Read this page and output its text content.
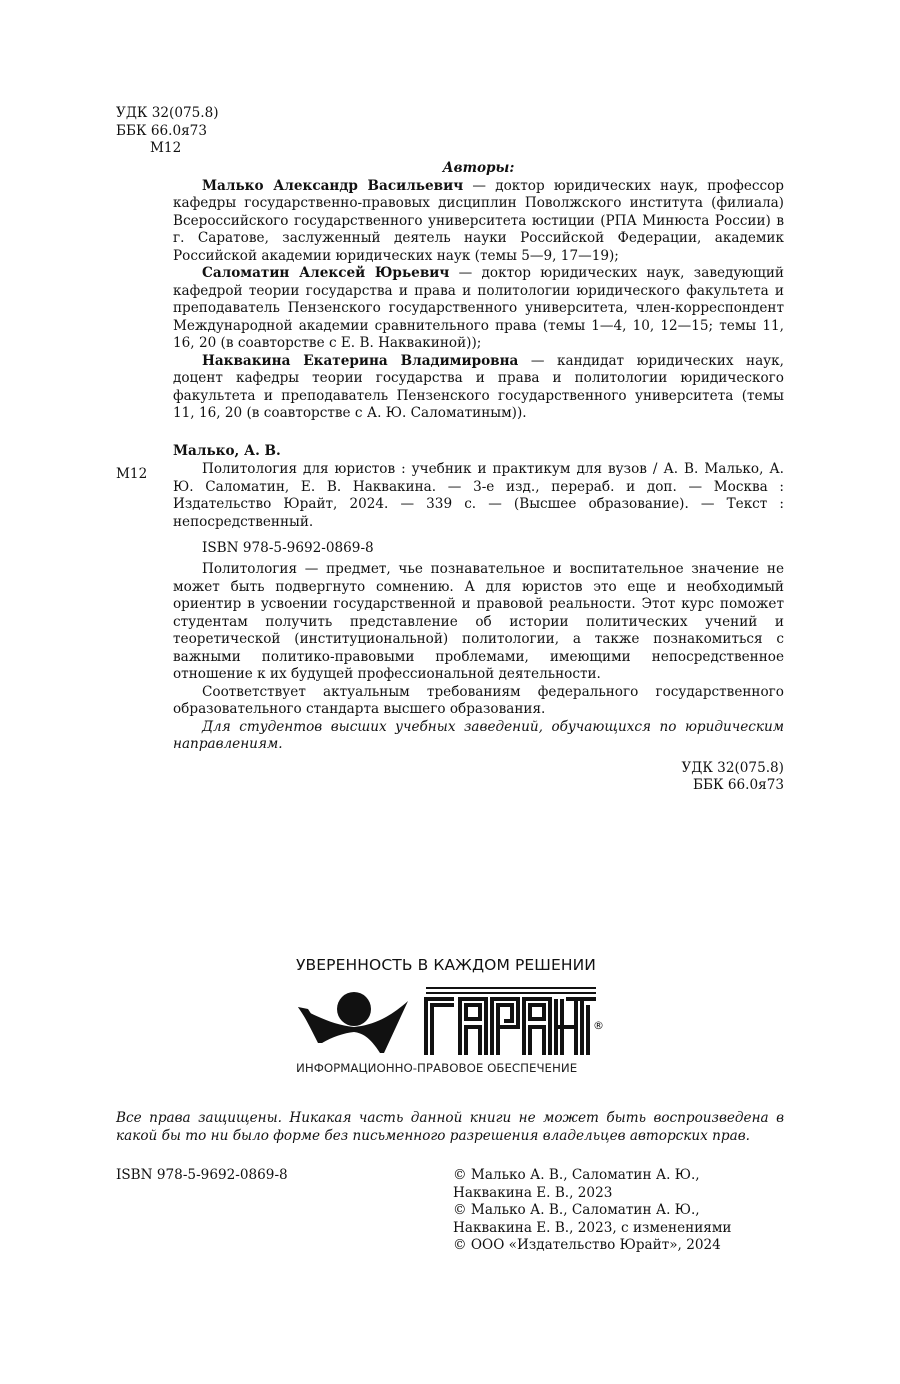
УДК 32(075.8)
ББК 66.0я73
М12
Авторы:

Малько Александр Васильевич — доктор юридических наук, профессор кафедры государственно-правовых дисциплин Поволжского института (филиала) Всероссийского государственного университета юстиции (РПА Минюста России) в г. Саратове, заслуженный деятель науки Российской Федерации, академик Российской академии юридических наук (темы 5—9, 17—19);

Саломатин Алексей Юрьевич — доктор юридических наук, заведующий кафедрой теории государства и права и политологии юридического факультета и преподаватель Пензенского государственного университета, член-корреспондент Международной академии сравнительного права (темы 1—4, 10, 12—15; темы 11, 16, 20 (в соавторстве с Е. В. Наквакиной));

Наквакина Екатерина Владимировна — кандидат юридических наук, доцент кафедры теории государства и права и политологии юридического факультета и преподаватель Пензенского государственного университета (темы 11, 16, 20 (в соавторстве с А. Ю. Саломатиным)).

Малько, А. В.
М12	Политология для юристов : учебник и практикум для вузов / А. В. Малько, А. Ю. Саломатин, Е. В. Наквакина. — 3-е изд., перераб. и доп. — Москва : Издательство Юрайт, 2024. — 339 с. — (Высшее образование). — Текст : непосредственный.

ISBN 978-5-9692-0869-8

Политология — предмет, чье познавательное и воспитательное значение не может быть подвергнуто сомнению. А для юристов это еще и необходимый ориентир в усвоении государственной и правовой реальности. Этот курс поможет студентам получить представление об истории политических учений и теоретической (институциональной) политологии, а также познакомиться с важными политико-правовыми проблемами, имеющими непосредственное отношение к их будущей профессиональной деятельности.

Соответствует актуальным требованиям федерального государственного образовательного стандарта высшего образования.

Для студентов высших учебных заведений, обучающихся по юридическим направлениям.

УДК 32(075.8)
ББК 66.0я73
УВЕРЕННОСТЬ В КАЖДОМ РЕШЕНИИ
®
ИНФОРМАЦИОННО-ПРАВОВОЕ ОБЕСПЕЧЕНИЕ
Все права защищены. Никакая часть данной книги не может быть воспроизведена в какой бы то ни было форме без письменного разрешения владельцев авторских прав.
ISBN 978-5-9692-0869-8	© Малько А. В., Саломатин А. Ю.,
Наквакина Е. В., 2023
© Малько А. В., Саломатин А. Ю.,
Наквакина Е. В., 2023, с изменениями
© ООО «Издательство Юрайт», 2024
